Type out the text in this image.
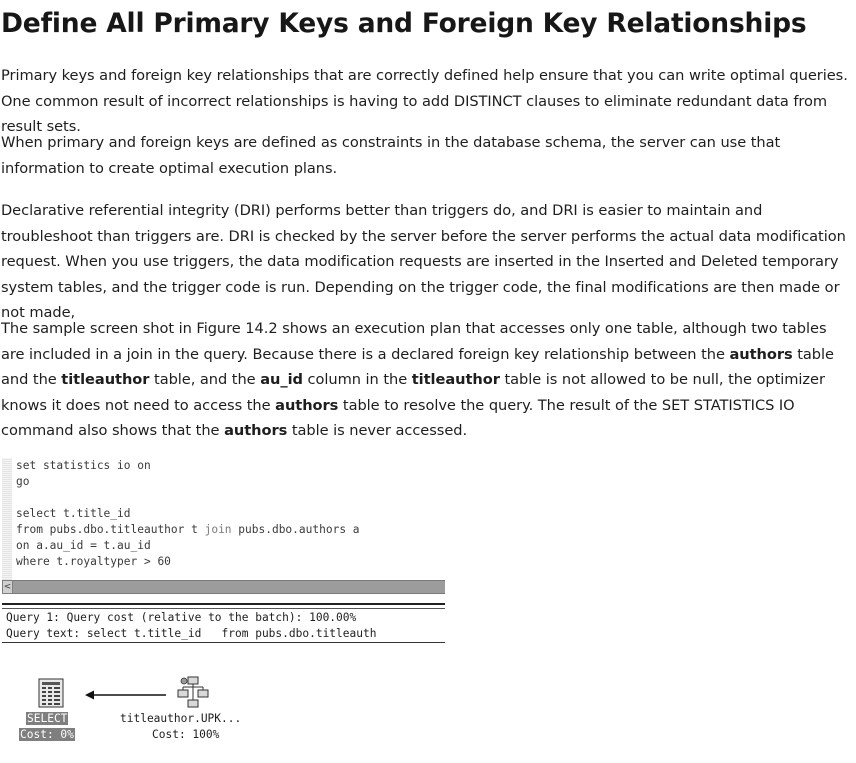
Define All Primary Keys and Foreign Key Relationships

Primary keys and foreign key relationships that are correctly defined help ensure that you can write optimal queries. One common result of incorrect relationships is having to add DISTINCT clauses to eliminate redundant data from result sets.

When primary and foreign keys are defined as constraints in the database schema, the server can use that information to create optimal execution plans.

Declarative referential integrity (DRI) performs better than triggers do, and DRI is easier to maintain and troubleshoot than triggers are. DRI is checked by the server before the server performs the actual data modification request. When you use triggers, the data modification requests are inserted in the Inserted and Deleted temporary system tables, and the trigger code is run. Depending on the trigger code, the final modifications are then made or not made,

The sample screen shot in Figure 14.2 shows an execution plan that accesses only one table, although two tables are included in a join in the query. Because there is a declared foreign key relationship between the authors table and the titleauthor table, and the au_id column in the titleauthor table is not allowed to be null, the optimizer knows it does not need to access the authors table to resolve the query. The result of the SET STATISTICS IO command also shows that the authors table is never accessed.

set statistics io on
go
select t.title_id
from pubs.dbo.titleauthor t join pubs.dbo.authors a
on a.au_id = t.au_id
where t.royaltyper > 60
<
Query 1: Query cost (relative to the batch): 100.00%
Query text: select t.title_id   from pubs.dbo.titleauth
SELECT
Cost: 0%
titleauthor.UPK...
Cost: 100%
